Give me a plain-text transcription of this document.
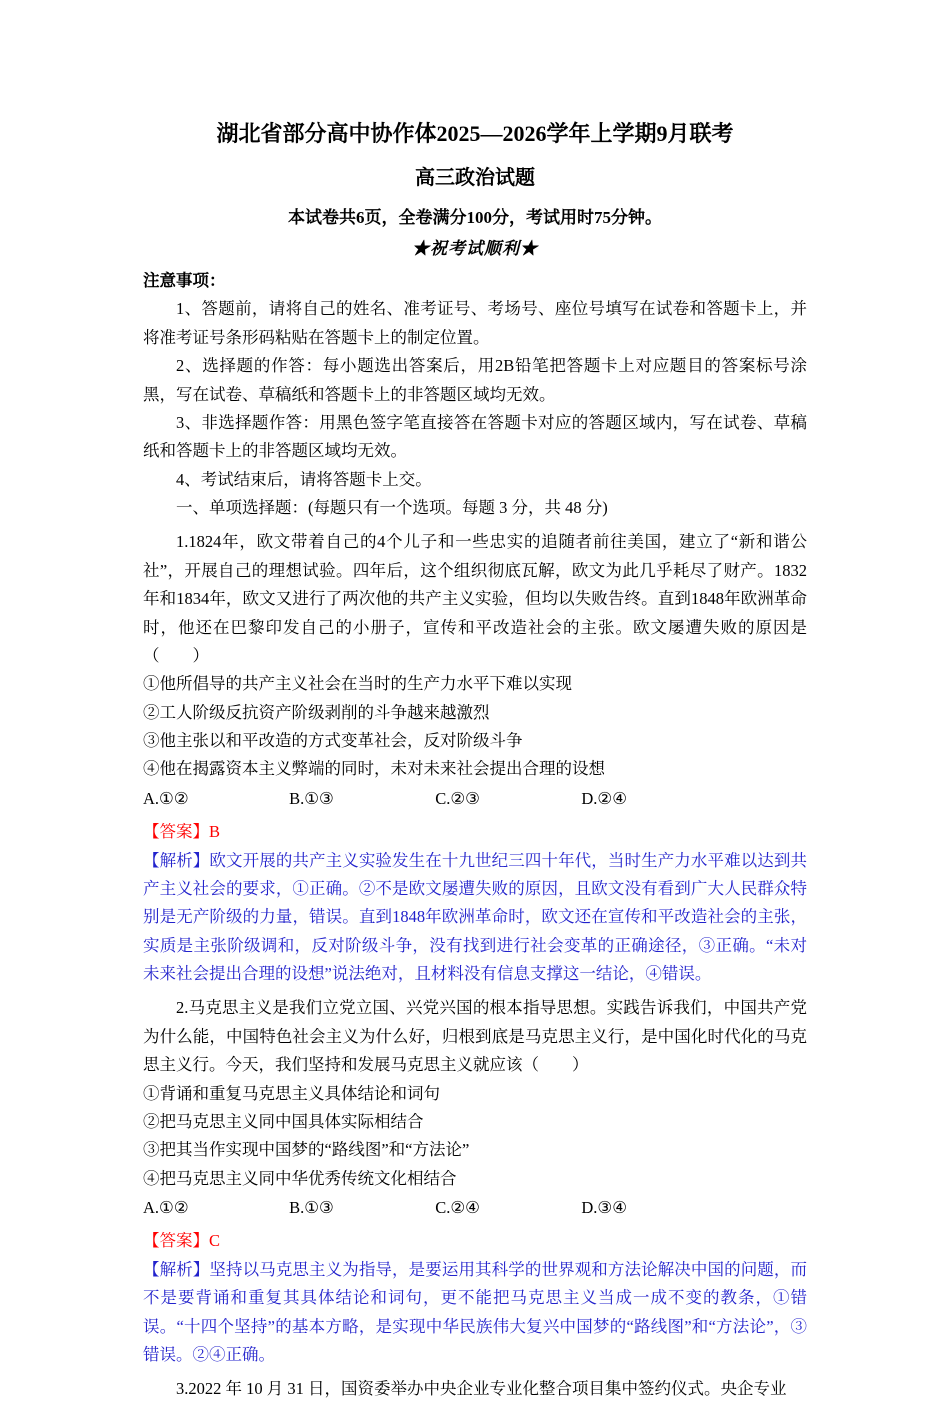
湖北省部分高中协作体2025—2026学年上学期9月联考

高三政治试题

本试卷共6页，全卷满分100分，考试用时75分钟。

★祝考试顺利★

注意事项：

1、答题前，请将自己的姓名、准考证号、考场号、座位号填写在试卷和答题卡上，并将准考证号条形码粘贴在答题卡上的制定位置。

2、选择题的作答：每小题选出答案后，用2B铅笔把答题卡上对应题目的答案标号涂黑，写在试卷、草稿纸和答题卡上的非答题区域均无效。

3、非选择题作答：用黑色签字笔直接答在答题卡对应的答题区域内，写在试卷、草稿纸和答题卡上的非答题区域均无效。

4、考试结束后，请将答题卡上交。

一、单项选择题：(每题只有一个选项。每题 3 分，共 48 分)

1.1824年，欧文带着自己的4个儿子和一些忠实的追随者前往美国，建立了“新和谐公社”，开展自己的理想试验。四年后，这个组织彻底瓦解，欧文为此几乎耗尽了财产。1832年和1834年，欧文又进行了两次他的共产主义实验，但均以失败告终。直到1848年欧洲革命时，他还在巴黎印发自己的小册子，宣传和平改造社会的主张。欧文屡遭失败的原因是（　　）

①他所倡导的共产主义社会在当时的生产力水平下难以实现

②工人阶级反抗资产阶级剥削的斗争越来越激烈

③他主张以和平改造的方式变革社会，反对阶级斗争

④他在揭露资本主义弊端的同时，未对未来社会提出合理的设想

A.①②	B.①③	C.②③	D.②④

【答案】B

【解析】欧文开展的共产主义实验发生在十九世纪三四十年代，当时生产力水平难以达到共产主义社会的要求，①正确。②不是欧文屡遭失败的原因，且欧文没有看到广大人民群众特别是无产阶级的力量，错误。直到1848年欧洲革命时，欧文还在宣传和平改造社会的主张，实质是主张阶级调和，反对阶级斗争，没有找到进行社会变革的正确途径，③正确。“未对未来社会提出合理的设想”说法绝对，且材料没有信息支撑这一结论，④错误。

2.马克思主义是我们立党立国、兴党兴国的根本指导思想。实践告诉我们，中国共产党为什么能，中国特色社会主义为什么好，归根到底是马克思主义行，是中国化时代化的马克思主义行。今天，我们坚持和发展马克思主义就应该（　　）

①背诵和重复马克思主义具体结论和词句

②把马克思主义同中国具体实际相结合

③把其当作实现中国梦的“路线图”和“方法论”

④把马克思主义同中华优秀传统文化相结合

A.①②	B.①③	C.②④	D.③④

【答案】C

【解析】坚持以马克思主义为指导，是要运用其科学的世界观和方法论解决中国的问题，而不是要背诵和重复其具体结论和词句，更不能把马克思主义当成一成不变的教条，①错误。“十四个坚持”的基本方略，是实现中华民族伟大复兴中国梦的“路线图”和“方法论”，③错误。②④正确。

3.2022 年 10 月 31 日，国资委举办中央企业专业化整合项目集中签约仪式。央企专业
